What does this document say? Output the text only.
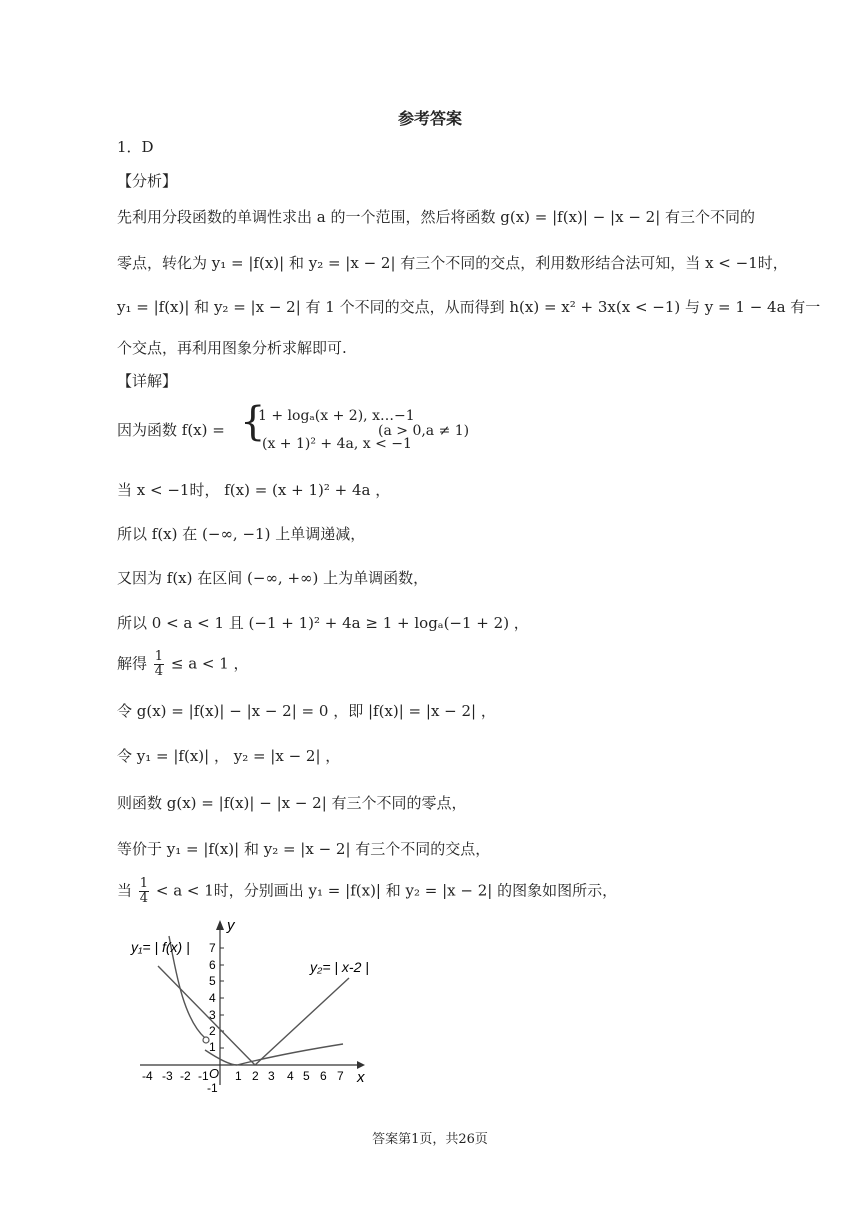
参考答案
1．D
【分析】
先利用分段函数的单调性求出 a 的一个范围，然后将函数 g(x) = |f(x)| − |x − 2| 有三个不同的
零点，转化为 y₁ = |f(x)| 和 y₂ = |x − 2| 有三个不同的交点，利用数形结合法可知，当 x < −1时，
y₁ = |f(x)| 和 y₂ = |x − 2| 有 1 个不同的交点，从而得到 h(x) = x² + 3x(x < −1) 与 y = 1 − 4a 有一
个交点，再利用图象分析求解即可.
【详解】
因为函数 f(x) = {
1 + logₐ(x + 2), x…−1
(x + 1)² + 4a, x < −1
(a > 0,a ≠ 1)
当 x < −1时， f(x) = (x + 1)² + 4a ，
所以 f(x) 在 (−∞, −1) 上单调递减，
又因为 f(x) 在区间 (−∞, +∞) 上为单调函数，
所以 0 < a < 1 且 (−1 + 1)² + 4a ≥ 1 + logₐ(−1 + 2) ，
解得 $\frac{1}{4} \le a < 1$ ，
令 g(x) = |f(x)| − |x − 2| = 0 ，即 |f(x)| = |x − 2| ，
令 y₁ = |f(x)| ， y₂ = |x − 2| ，
则函数 g(x) = |f(x)| − |x − 2| 有三个不同的零点，
等价于 y₁ = |f(x)| 和 y₂ = |x − 2| 有三个不同的交点，
当 $\frac{1}{4} < a < 1$时，分别画出 y₁ = |f(x)| 和 y₂ = |x − 2| 的图象如图所示，
y
x
O
-4 -3 -2 -1 1 2 3 4 5 6 7
1
2
3
4
5
6
7
-1
y₁= | f(x) |
y₂= | x-2 |
答案第1页，共26页
